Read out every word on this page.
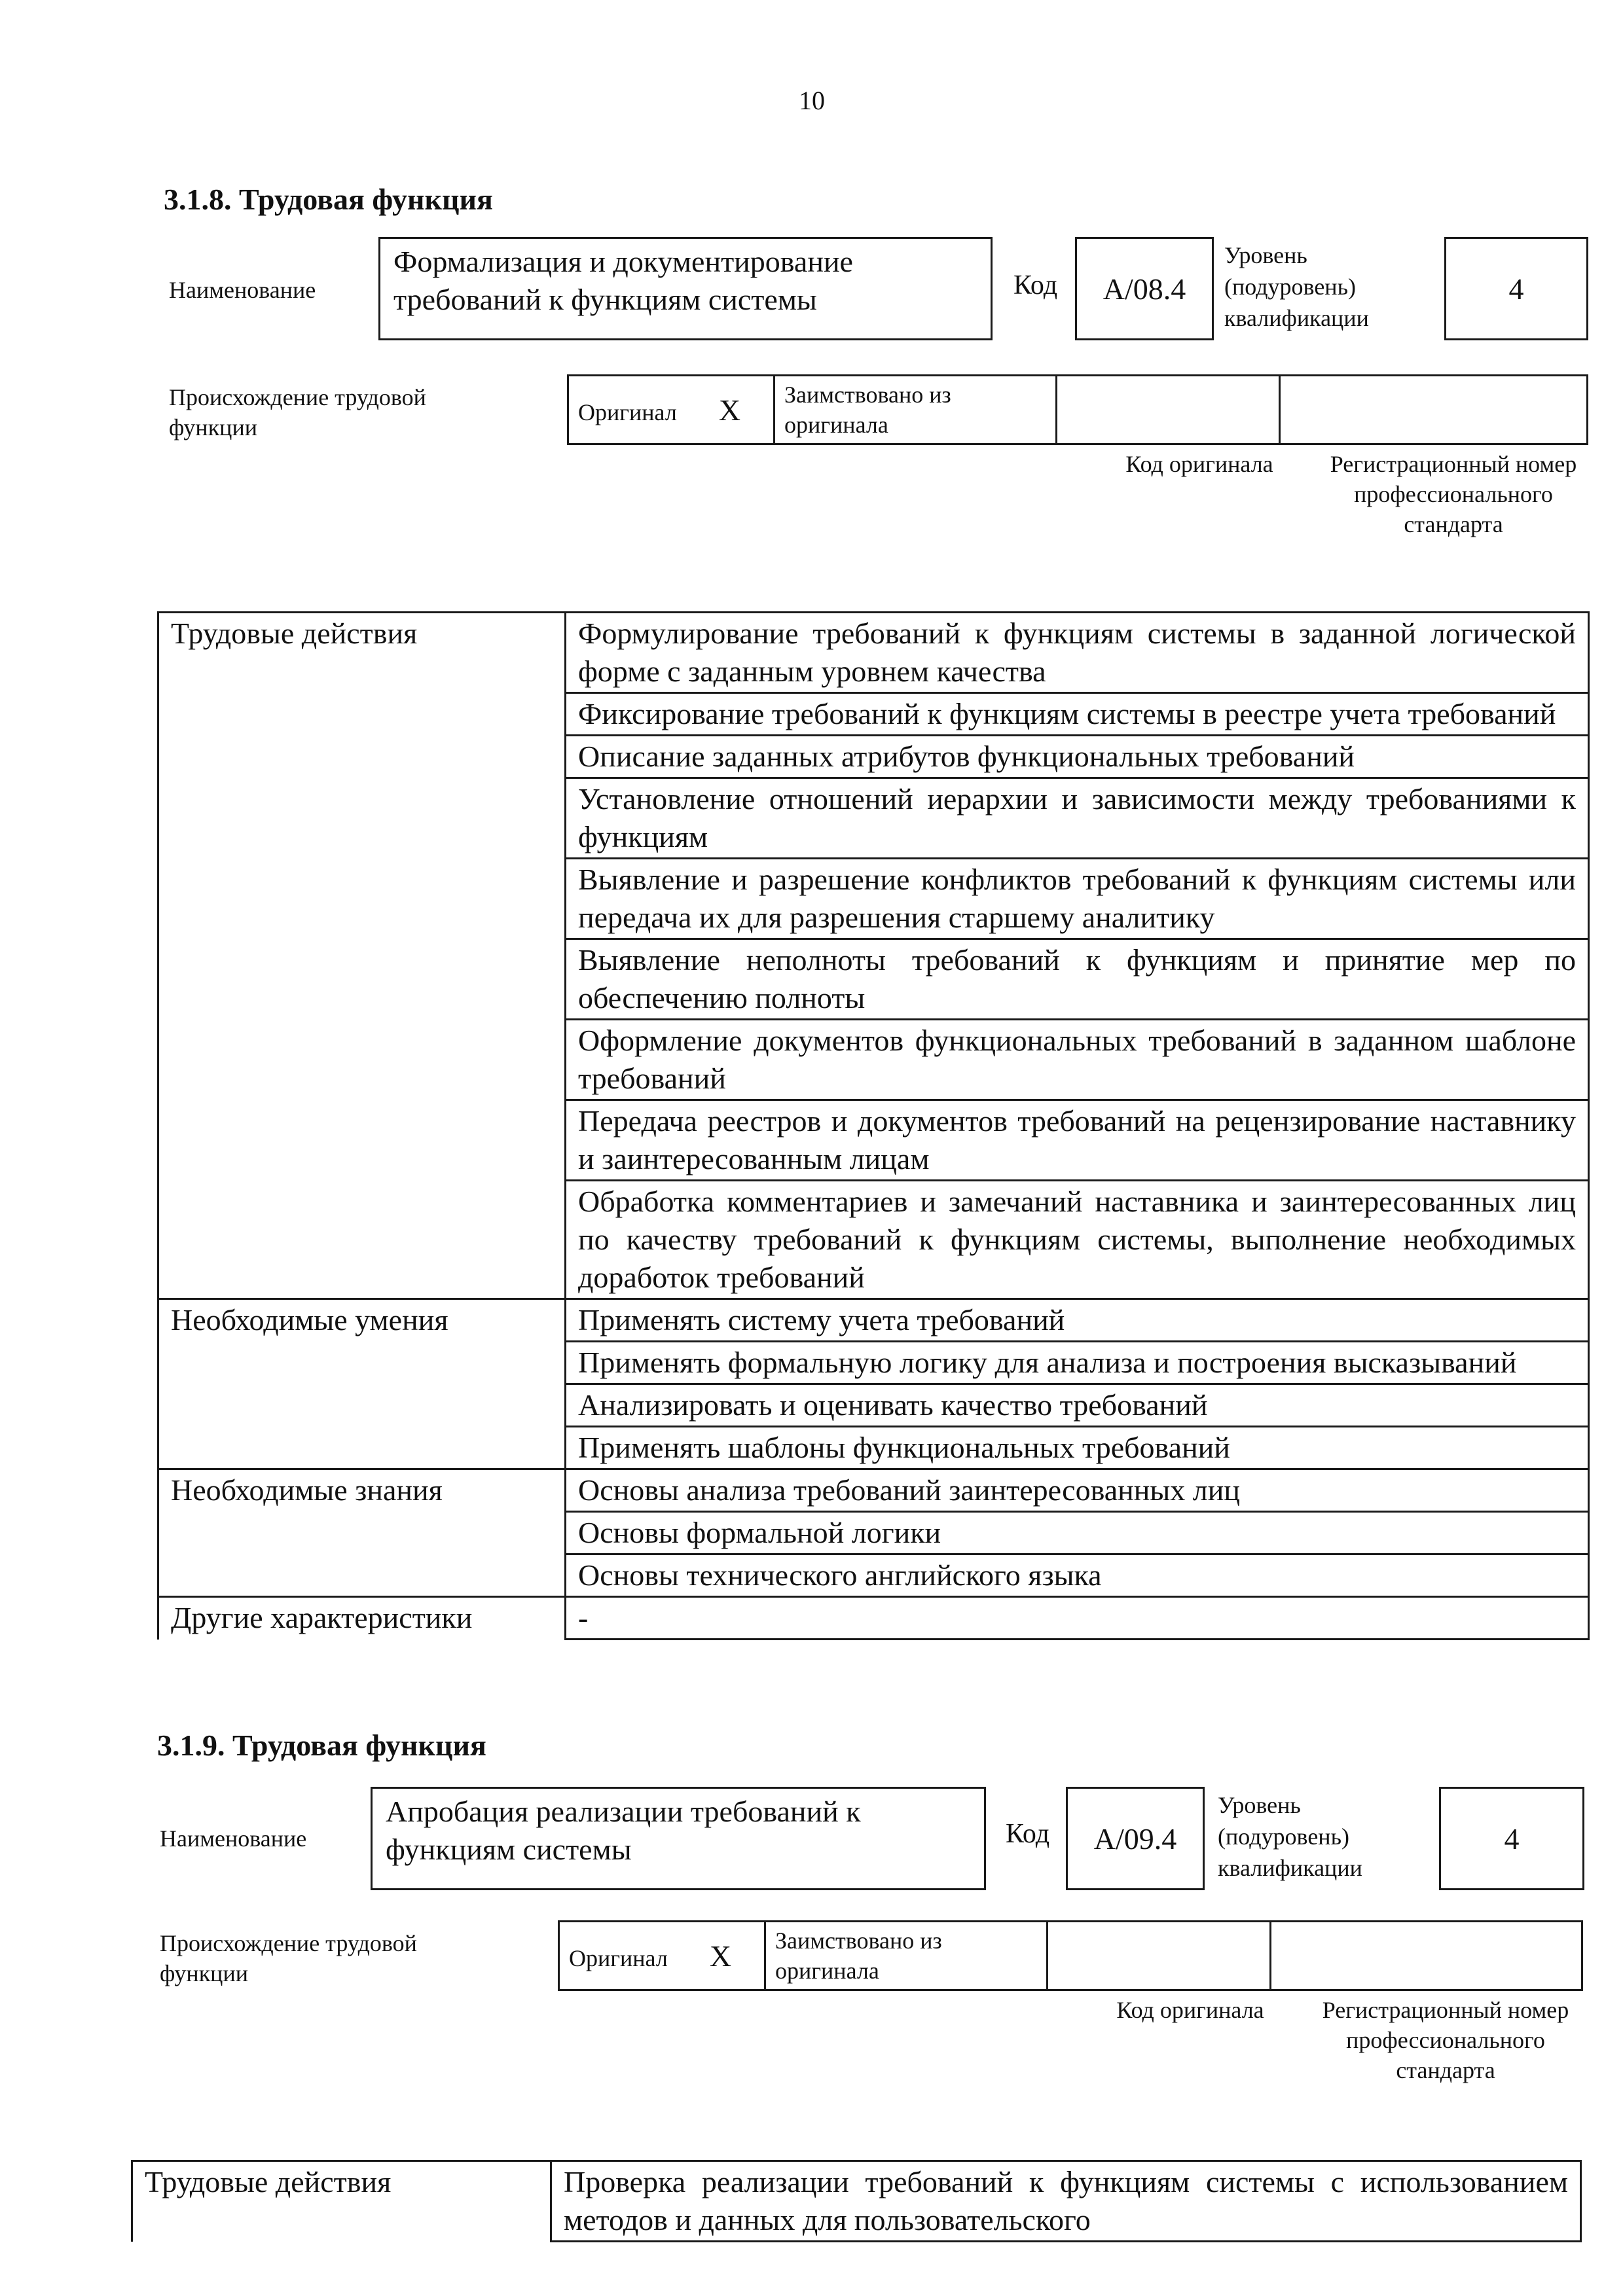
10
3.1.8. Трудовая функция
Наименование
Формализация и документирование требований к функциям системы	Код	A/08.4
Уровень (подуровень) квалификации
4
Происхождение трудовой функции
Оригинал X	Заимствовано из оригинала		
Код оригинала	Регистрационный номер профессионального стандарта
Трудовые действия	Формулирование требований к функциям системы в заданной логической форме с заданным уровнем качества
	Фиксирование требований к функциям системы в реестре учета требований
	Описание заданных атрибутов функциональных требований
	Установление отношений иерархии и зависимости между требованиями к функциям
	Выявление и разрешение конфликтов требований к функциям системы или передача их для разрешения старшему аналитику
	Выявление неполноты требований к функциям и принятие мер по обеспечению полноты
	Оформление документов функциональных требований в заданном шаблоне требований
	Передача реестров и документов требований на рецензирование наставнику и заинтересованным лицам
	Обработка комментариев и замечаний наставника и заинтересованных лиц по качеству требований к функциям системы, выполнение необходимых доработок требований
Необходимые умения	Применять систему учета требований
	Применять формальную логику для анализа и построения высказываний
	Анализировать и оценивать качество требований
	Применять шаблоны функциональных требований
Необходимые знания	Основы анализа требований заинтересованных лиц
	Основы формальной логики
	Основы технического английского языка
Другие характеристики	-
3.1.9. Трудовая функция
Наименование
Апробация реализации требований к функциям системы	Код	A/09.4
Уровень (подуровень) квалификации
4
Происхождение трудовой функции
Оригинал X	Заимствовано из оригинала		
Код оригинала	Регистрационный номер профессионального стандарта
Трудовые действия	Проверка реализации требований к функциям системы с использованием методов и данных для пользовательского
